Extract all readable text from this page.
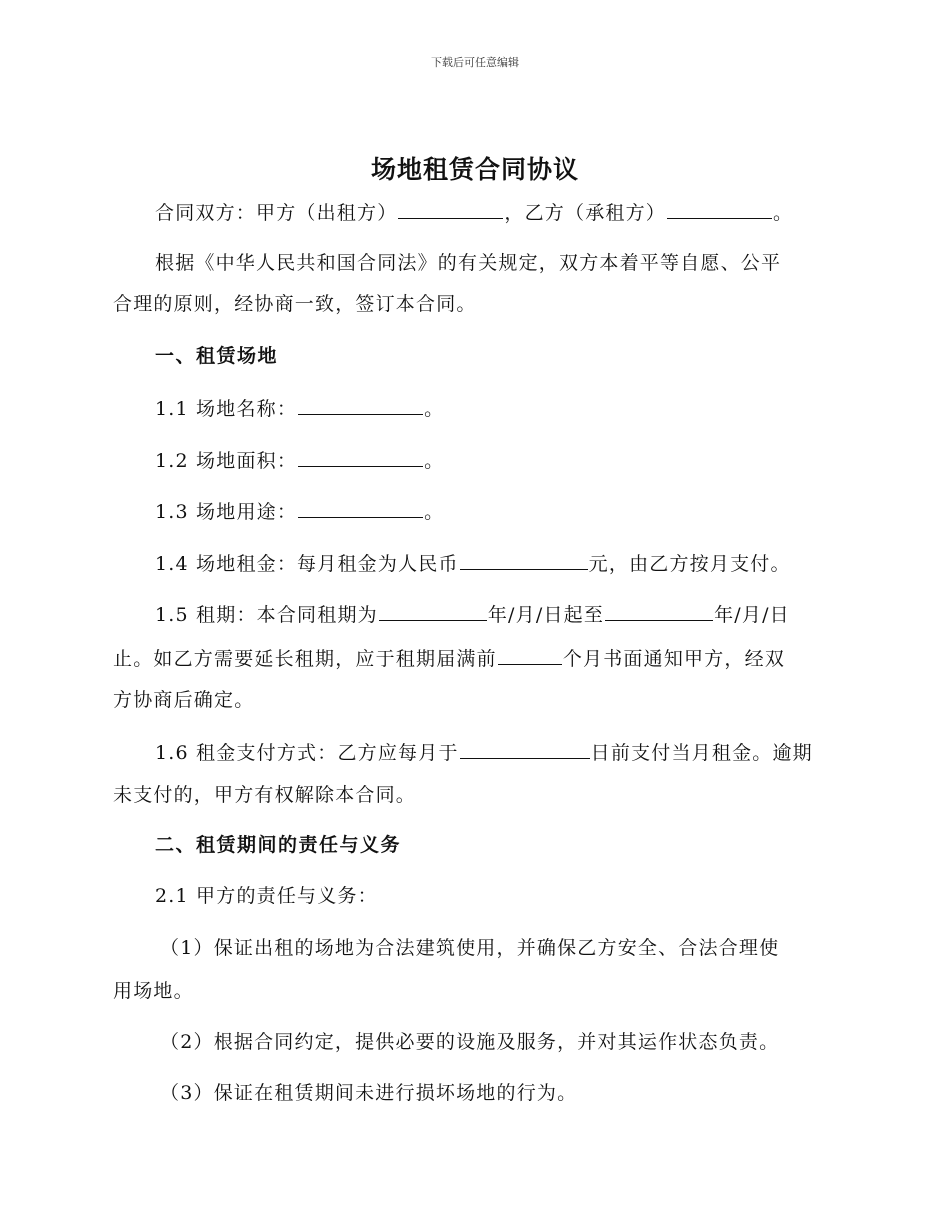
下载后可任意编辑
场地租赁合同协议
合同双方：甲方（出租方）	，乙方（承租方）	。
根据《中华人民共和国合同法》的有关规定，双方本着平等自愿、公平
合理的原则，经协商一致，签订本合同。
一、租赁场地
1.1 场地名称：	。
1.2 场地面积：	。
1.3 场地用途：	。
1.4 场地租金：每月租金为人民币	元，由乙方按月支付。
1.5 租期：本合同租期为	年/月/日起至	年/月/日
止。如乙方需要延长租期，应于租期届满前	个月书面通知甲方，经双
方协商后确定。
1.6 租金支付方式：乙方应每月于	日前支付当月租金。逾期
未支付的，甲方有权解除本合同。
二、租赁期间的责任与义务
2.1 甲方的责任与义务：
（1）保证出租的场地为合法建筑使用，并确保乙方安全、合法合理使
用场地。
（2）根据合同约定，提供必要的设施及服务，并对其运作状态负责。
（3）保证在租赁期间未进行损坏场地的行为。
